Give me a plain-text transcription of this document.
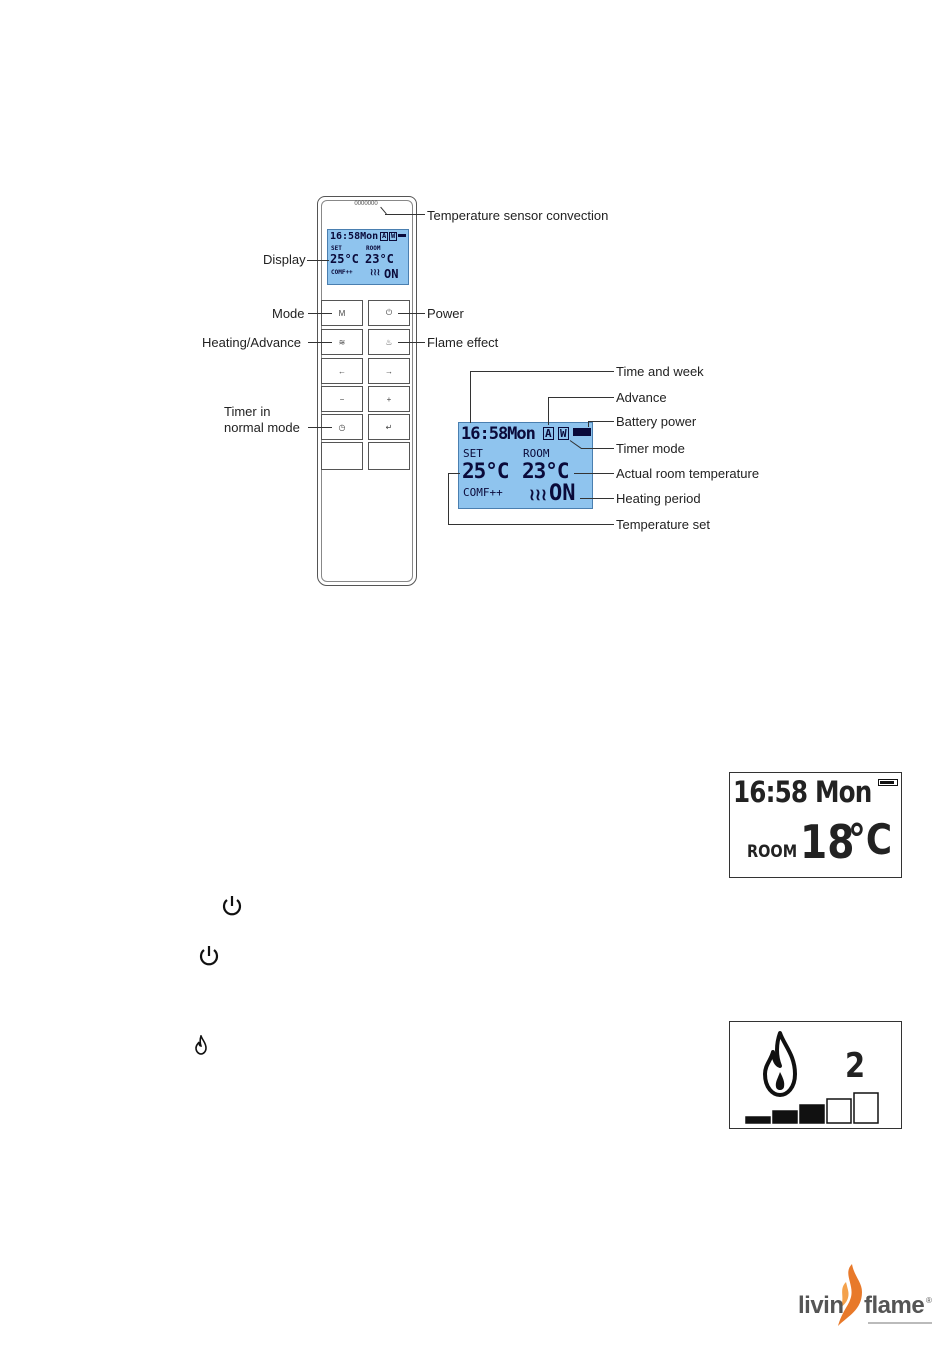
0000000
16:58Mon A W
SET	ROOM
25°C 23°C
COMF++ ≀≀≀ ON
M	⏻
≋	♨
←	→
−	+
◷	↵
Temperature sensor convection
Display
Mode	Power
Heating/Advance	Flame effect
Timer in
normal mode	16:58Mon A W
SET	ROOM
25°C 23°C
COMF++ ≀≀≀ ON
Time and week
Advance
Battery power
Timer mode
Actual room temperature
Heating period
Temperature set
16:58 Mon
ROOM 18
°C
2
livin flame ®
